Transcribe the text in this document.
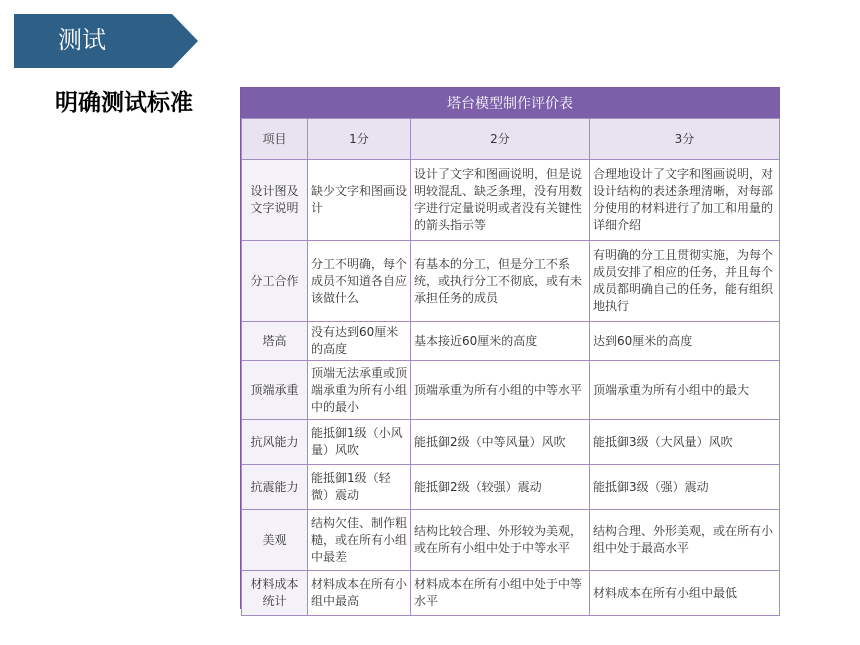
测试
明确测试标准	塔台模型制作评价表
项目	1分	2分	3分
设计图及文字说明	缺少文字和图画设计	设计了文字和图画说明，但是说明较混乱、缺乏条理，没有用数字进行定量说明或者没有关键性的箭头指示等	合理地设计了文字和图画说明，对设计结构的表述条理清晰，对每部分使用的材料进行了加工和用量的详细介绍
分工合作	分工不明确，每个成员不知道各自应该做什么	有基本的分工，但是分工不系统，或执行分工不彻底，或有未承担任务的成员	有明确的分工且贯彻实施，为每个成员安排了相应的任务，并且每个成员都明确自己的任务，能有组织地执行
塔高	没有达到60厘米的高度	基本接近60厘米的高度	达到60厘米的高度
顶端承重	顶端无法承重或顶端承重为所有小组中的最小	顶端承重为所有小组的中等水平	顶端承重为所有小组中的最大
抗风能力	能抵御1级（小风量）风吹	能抵御2级（中等风量）风吹	能抵御3级（大风量）风吹
抗震能力	能抵御1级（轻微）震动	能抵御2级（较强）震动	能抵御3级（强）震动
美观	结构欠佳、制作粗糙，或在所有小组中最差	结构比较合理、外形较为美观，或在所有小组中处于中等水平	结构合理、外形美观，或在所有小组中处于最高水平
材料成本统计	材料成本在所有小组中最高	材料成本在所有小组中处于中等水平	材料成本在所有小组中最低
